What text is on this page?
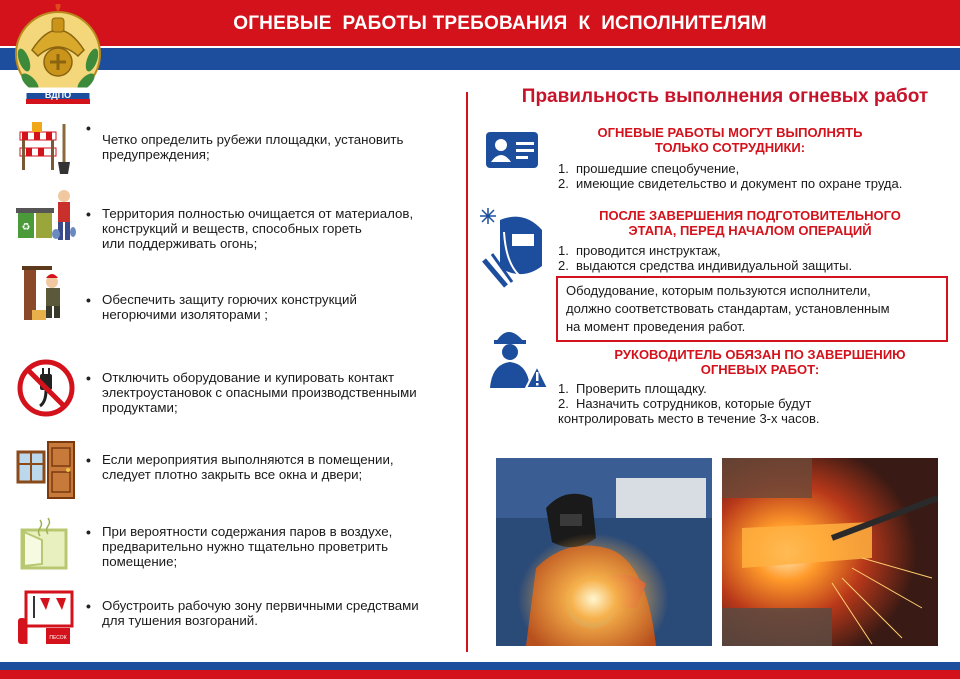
ОГНЕВЫЕ  РАБОТЫ ТРЕБОВАНИЯ  К  ИСПОЛНИТЕЛЯМ
ВДПО
•
Четко определить рубежи площадки, установить
предупреждения;
♻
• Территория полностью очищается от материалов,
конструкций и веществ, способных гореть
или поддерживать огонь;
• Обеспечить защиту горючих конструкций
негорючими изоляторами ;
• Отключить оборудование и купировать контакт
электроустановок с опасными производственными
продуктами;
• Если мероприятия выполняются в помещении,
следует плотно закрыть все окна и двери;
• При вероятности содержания паров в воздухе,
предварительно нужно тщательно проветрить
помещение;
ПЕСОК
• Обустроить рабочую зону первичными средствами
для тушения возгораний.
Правильность выполнения огневых работ
ОГНЕВЫЕ РАБОТЫ МОГУТ ВЫПОЛНЯТЬ
ТОЛЬКО СОТРУДНИКИ:
1. прошедшие спецобучение,
2. имеющие свидетельство и документ по охране труда.
ПОСЛЕ ЗАВЕРШЕНИЯ ПОДГОТОВИТЕЛЬНОГО
ЭТАПА, ПЕРЕД НАЧАЛОМ ОПЕРАЦИЙ
1. проводится инструктаж,
2. выдаются средства индивидуальной защиты.
Ободудование, которым пользуются исполнители,
должно соответствовать стандартам, установленным
на момент проведения работ.
РУКОВОДИТЕЛЬ ОБЯЗАН ПО ЗАВЕРШЕНИЮ
ОГНЕВЫХ РАБОТ:
1. Проверить площадку.
2. Назначить сотрудников, которые будут
контролировать место в течение 3-х часов.
